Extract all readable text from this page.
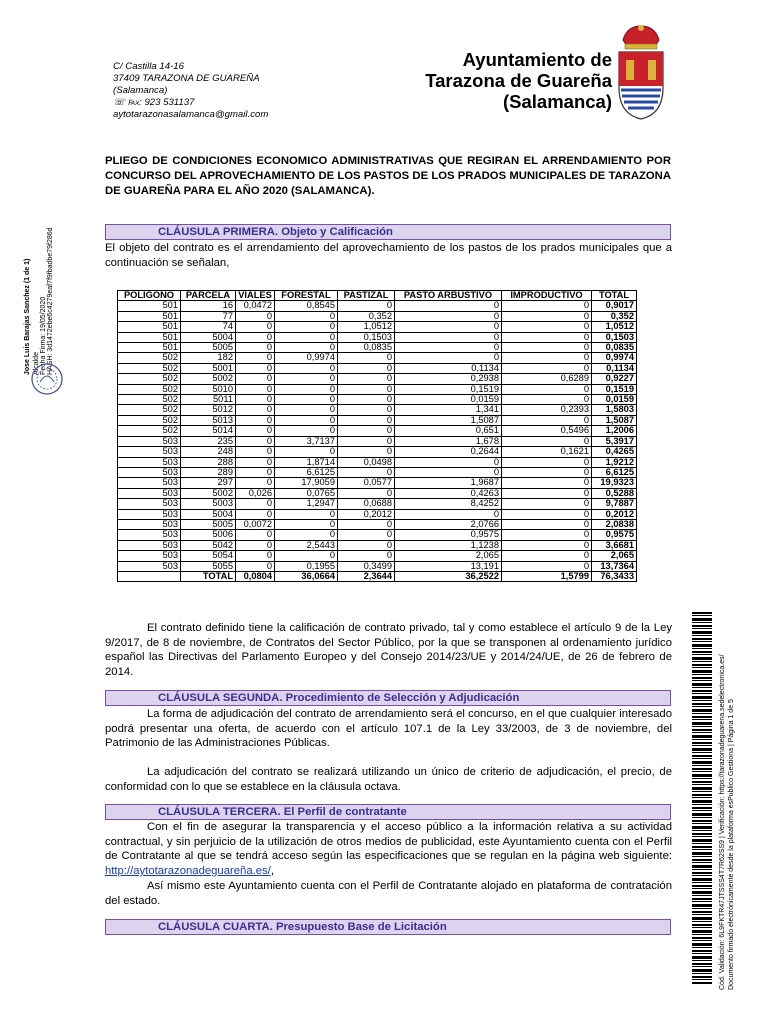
C/ Castilla 14-16
37409 TARAZONA DE GUAREÑA
(Salamanca)
☏ ℻: 923 531137
aytotarazonasalamanca@gmail.com
Ayuntamiento de
Tarazona de Guareña
(Salamanca)
Jose Luis Barajas Sanchez (1 de 1) Alcalde Fecha Firma: 19/05/2020 HASH: 3d1472ebe6c4279eaf7f9fbadbe79f286d
PLIEGO DE CONDICIONES ECONOMICO ADMINISTRATIVAS QUE REGIRAN EL ARRENDAMIENTO POR CONCURSO DEL APROVECHAMIENTO DE LOS PASTOS DE LOS PRADOS MUNICIPALES DE TARAZONA DE GUAREÑA PARA EL AÑO 2020 (SALAMANCA).
CLÁUSULA PRIMERA. Objeto y Calificación

El objeto del contrato es el arrendamiento del aprovechamiento de los pastos de los prados municipales que a continuación se señalan,

POLIGONO	PARCELA	VIALES	FORESTAL	PASTIZAL	PASTO ARBUSTIVO	IMPRODUCTIVO	TOTAL
501	16	0,0472	0,8545	0	0	0	0,9017
501	77	0	0	0,352	0	0	0,352
501	74	0	0	1,0512	0	0	1,0512
501	5004	0	0	0,1503	0	0	0,1503
501	5005	0	0	0,0835	0	0	0,0835
502	182	0	0,9974	0	0	0	0,9974
502	5001	0	0	0	0,1134	0	0,1134
502	5002	0	0	0	0,2938	0,6289	0,9227
502	5010	0	0	0	0,1519	0	0,1519
502	5011	0	0	0	0,0159	0	0,0159
502	5012	0	0	0	1,341	0,2393	1,5803
502	5013	0	0	0	1,5087	0	1,5087
502	5014	0	0	0	0,651	0,5496	1,2006
503	235	0	3,7137	0	1,678	0	5,3917
503	248	0	0	0	0,2644	0,1621	0,4265
503	288	0	1,8714	0,0498	0	0	1,9212
503	289	0	6,6125	0	0	0	6,6125
503	297	0	17,9059	0,0577	1,9687	0	19,9323
503	5002	0,026	0,0765	0	0,4263	0	0,5288
503	5003	0	1,2947	0,0688	8,4252	0	9,7887
503	5004	0	0	0,2012	0	0	0,2012
503	5005	0,0072	0	0	2,0766	0	2,0838
503	5006	0	0	0	0,9575	0	0,9575
503	5042	0	2,5443	0	1,1238	0	3,6681
503	5054	0	0	0	2,065	0	2,065
503	5055	0	0,1955	0,3499	13,191	0	13,7364
	TOTAL	0,0804	36,0664	2,3644	36,2522	1,5799	76,3433

El contrato definido tiene la calificación de contrato privado, tal y como establece el artículo 9 de la Ley 9/2017, de 8 de noviembre, de Contratos del Sector Público, por la que se transponen al ordenamiento jurídico español las Directivas del Parlamento Europeo y del Consejo 2014/23/UE y 2014/24/UE, de 26 de febrero de 2014.

CLÁUSULA SEGUNDA. Procedimiento de Selección y Adjudicación

La forma de adjudicación del contrato de arrendamiento será el concurso, en el que cualquier interesado podrá presentar una oferta, de acuerdo con el artículo 107.1 de la Ley 33/2003, de 3 de noviembre, del Patrimonio de las Administraciones Públicas.

La adjudicación del contrato se realizará utilizando un único de criterio de adjudicación, el precio, de conformidad con lo que se establece en la cláusula octava.

CLÁUSULA TERCERA. El Perfil de contratante

Con el fin de asegurar la transparencia y el acceso público a la información relativa a su actividad contractual, y sin perjuicio de la utilización de otros medios de publicidad, este Ayuntamiento cuenta con el Perfil de Contratante al que se tendrá acceso según las especificaciones que se regulan en la página web siguiente: http://aytotarazonadeguareña.es/,

Así mismo este Ayuntamiento cuenta con el Perfil de Contratante alojado en plataforma de contratación del estado.

CLÁUSULA CUARTA. Presupuesto Base de Licitación	Cód. Validación: 6L9FKTR47JTSSS4T7R62SS9 | Verificación: https://tarazonadeguarena.sedelectronica.es/ Documento firmado electrónicamente desde la plataforma esPublico Gestiona | Página 1 de 5
